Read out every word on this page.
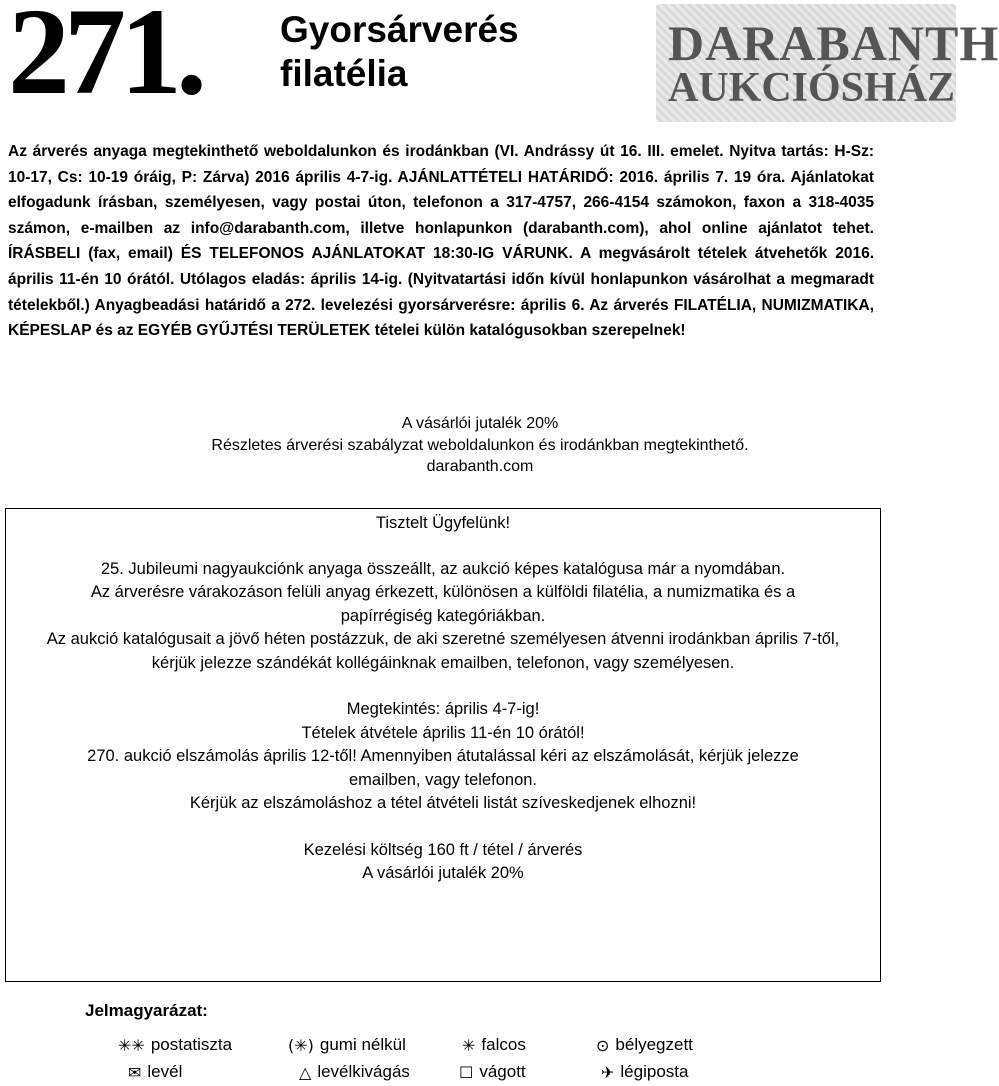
271. Gyorsárverés
filatélia
DARABANTH
AUKCIÓSHÁZ
Az árverés anyaga megtekinthető weboldalunkon és irodánkban (VI. Andrássy út 16. III. emelet. Nyitva tartás: H-Sz: 10-17, Cs: 10-19 óráig, P: Zárva) 2016 április 4-7-ig. AJÁNLATTÉTELI HATÁRIDŐ: 2016. április 7. 19 óra. Ajánlatokat elfogadunk írásban, személyesen, vagy postai úton, telefonon a 317-4757, 266-4154 számokon, faxon a 318-4035 számon, e-mailben az info@darabanth.com, illetve honlapunkon (darabanth.com), ahol online ajánlatot tehet. ÍRÁSBELI (fax, email) ÉS TELEFONOS AJÁNLATOKAT 18:30-IG VÁRUNK. A megvásárolt tételek átvehetők 2016. április 11-én 10 órától. Utólagos eladás: április 14-ig. (Nyitvatartási időn kívül honlapunkon vásárolhat a megmaradt tételekből.) Anyagbeadási határidő a 272. levelezési gyorsárverésre: április 6. Az árverés FILATÉLIA, NUMIZMATIKA, KÉPESLAP és az EGYÉB GYŰJTÉSI TERÜLETEK tételei külön katalógusokban szerepelnek!
A vásárlói jutalék 20%
Részletes árverési szabályzat weboldalunkon és irodánkban megtekinthető.
darabanth.com

Tisztelt Ügyfelünk!

25. Jubileumi nagyaukciónk anyaga összeállt, az aukció képes katalógusa már a nyomdában.

Az árverésre várakozáson felüli anyag érkezett, különösen a külföldi filatélia, a numizmatika és a papírrégiség kategóriákban.

Az aukció katalógusait a jövő héten postázzuk, de aki szeretné személyesen átvenni irodánkban április 7-től, kérjük jelezze szándékát kollégáinknak emailben, telefonon, vagy személyesen.

Megtekintés: április 4-7-ig!

Tételek átvétele április 11-én 10 órától!

270. aukció elszámolás április 12-től! Amennyiben átutalással kéri az elszámolását, kérjük jelezze emailben, vagy telefonon.

Kérjük az elszámoláshoz a tétel átvételi listát szíveskedjenek elhozni!

Kezelési költség 160 ft / tétel / árverés

A vásárlói jutalék 20%

Jelmagyarázat:
✳✳ postatiszta	(✳) gumi nélkül	✳ falcos	⊙ bélyegzett
✉ levél	△ levélkivágás	☐ vágott	✈ légiposta
